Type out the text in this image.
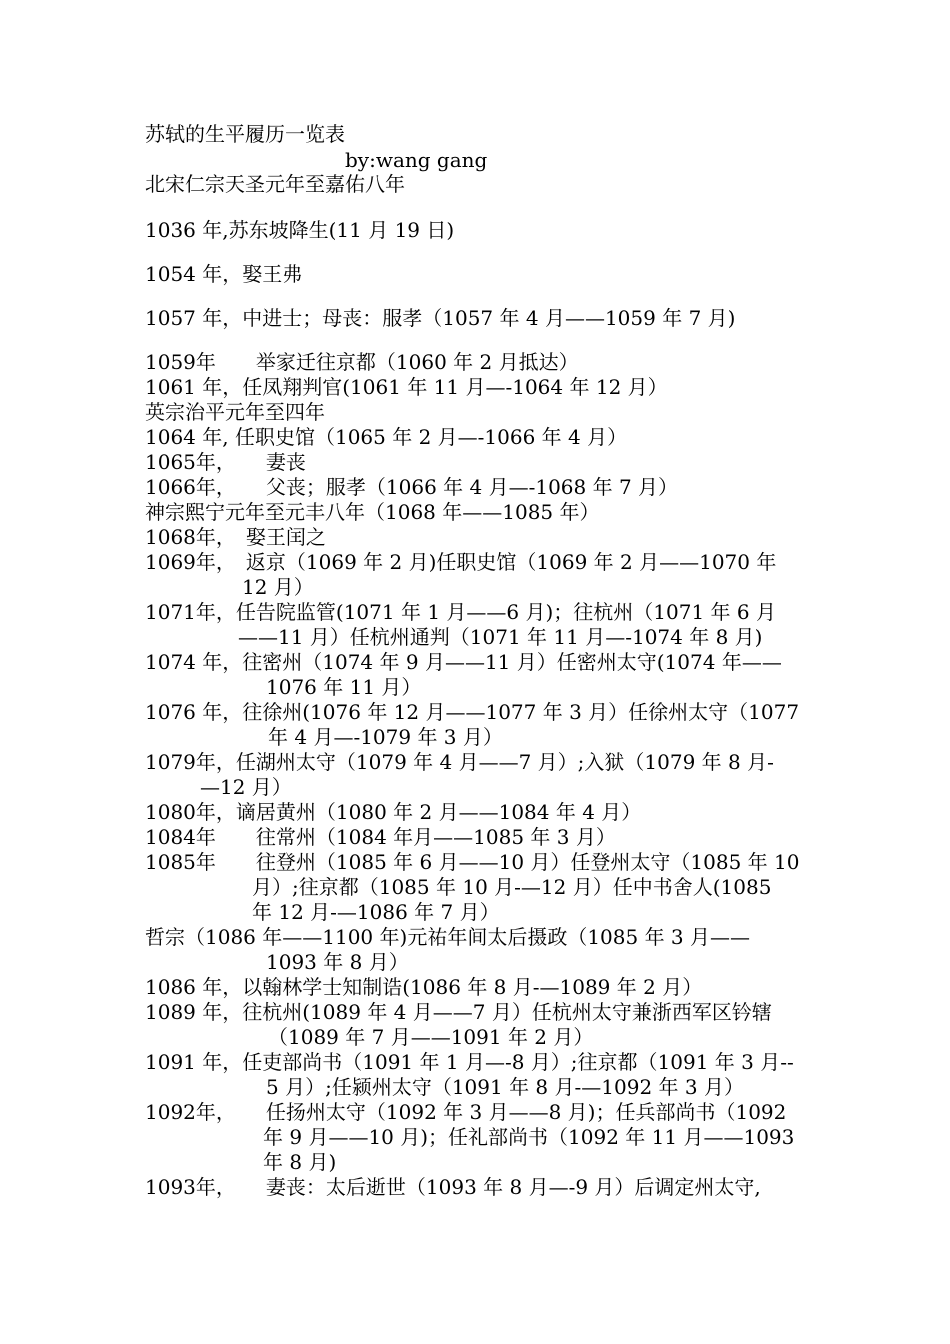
苏轼的生平履历一览表
by:wang gang
北宋仁宗天圣元年至嘉佑八年
1036 年,苏东坡降生(11 月 19 日)
1054 年，娶王弗
1057 年，中进士；母丧：服孝（1057 年 4 月——1059 年 7 月)
1059年　　举家迁往京都（1060 年 2 月抵达）
1061 年，任凤翔判官(1061 年 11 月—-1064 年 12 月）
英宗治平元年至四年
1064 年, 任职史馆（1065 年 2 月—-1066 年 4 月）
1065年，　　妻丧
1066年，　　父丧；服孝（1066 年 4 月—-1068 年 7 月）
神宗熙宁元年至元丰八年（1068 年——1085 年）
1068年，　娶王闰之
1069年，　返京（1069 年 2 月)任职史馆（1069 年 2 月——1070 年
12 月）
1071年，任告院监管(1071 年 1 月——6 月)；往杭州（1071 年 6 月
——11 月）任杭州通判（1071 年 11 月—-1074 年 8 月)
1074 年，往密州（1074 年 9 月——11 月）任密州太守(1074 年——
1076 年 11 月）
1076 年，往徐州(1076 年 12 月——1077 年 3 月）任徐州太守（1077
年 4 月—-1079 年 3 月）
1079年，任湖州太守（1079 年 4 月——7 月）;入狱（1079 年 8 月-
—12 月）
1080年，谪居黄州（1080 年 2 月——1084 年 4 月）
1084年　　往常州（1084 年月——1085 年 3 月）
1085年　　往登州（1085 年 6 月——10 月）任登州太守（1085 年 10
月）;往京都（1085 年 10 月-—12 月）任中书舍人(1085
年 12 月-—1086 年 7 月）
哲宗（1086 年——1100 年)元祐年间太后摄政（1085 年 3 月——
1093 年 8 月）
1086 年，以翰林学士知制诰(1086 年 8 月-—1089 年 2 月）
1089 年，往杭州(1089 年 4 月——7 月）任杭州太守兼浙西军区钤辖
（1089 年 7 月——1091 年 2 月）
1091 年，任吏部尚书（1091 年 1 月—-8 月）;往京都（1091 年 3 月--
5 月）;任颍州太守（1091 年 8 月-—1092 年 3 月）
1092年，　　任扬州太守（1092 年 3 月——8 月)；任兵部尚书（1092
年 9 月——10 月)；任礼部尚书（1092 年 11 月——1093
年 8 月)
1093年，　　妻丧：太后逝世（1093 年 8 月—-9 月）后调定州太守,
